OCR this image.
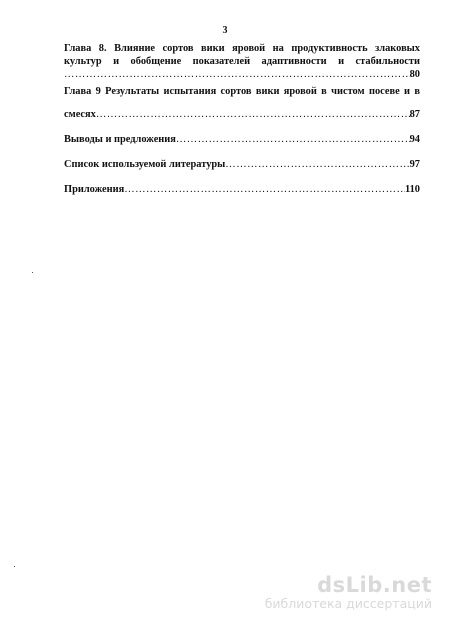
3
Глава 8. Влияние сортов вики яровой на продуктивность злаковых
культур и обобщение показателей адаптивности и стабильности
…………………………………………………………………………………………………………………………………………………………………………………………
80
Глава 9 Результаты испытания сортов вики яровой в чистом посеве и в
смесях …………………………………………………………………………………………………………………………………………………………………………………………	87
Выводы и предложения …………………………………………………………………………………………………………………………………………………………………………………………	94
Список используемой литературы …………………………………………………………………………………………………………………………………………………………………………………………	97
Приложения …………………………………………………………………………………………………………………………………………………………………………………………	110
dsLib.net
библиотека диссертаций
